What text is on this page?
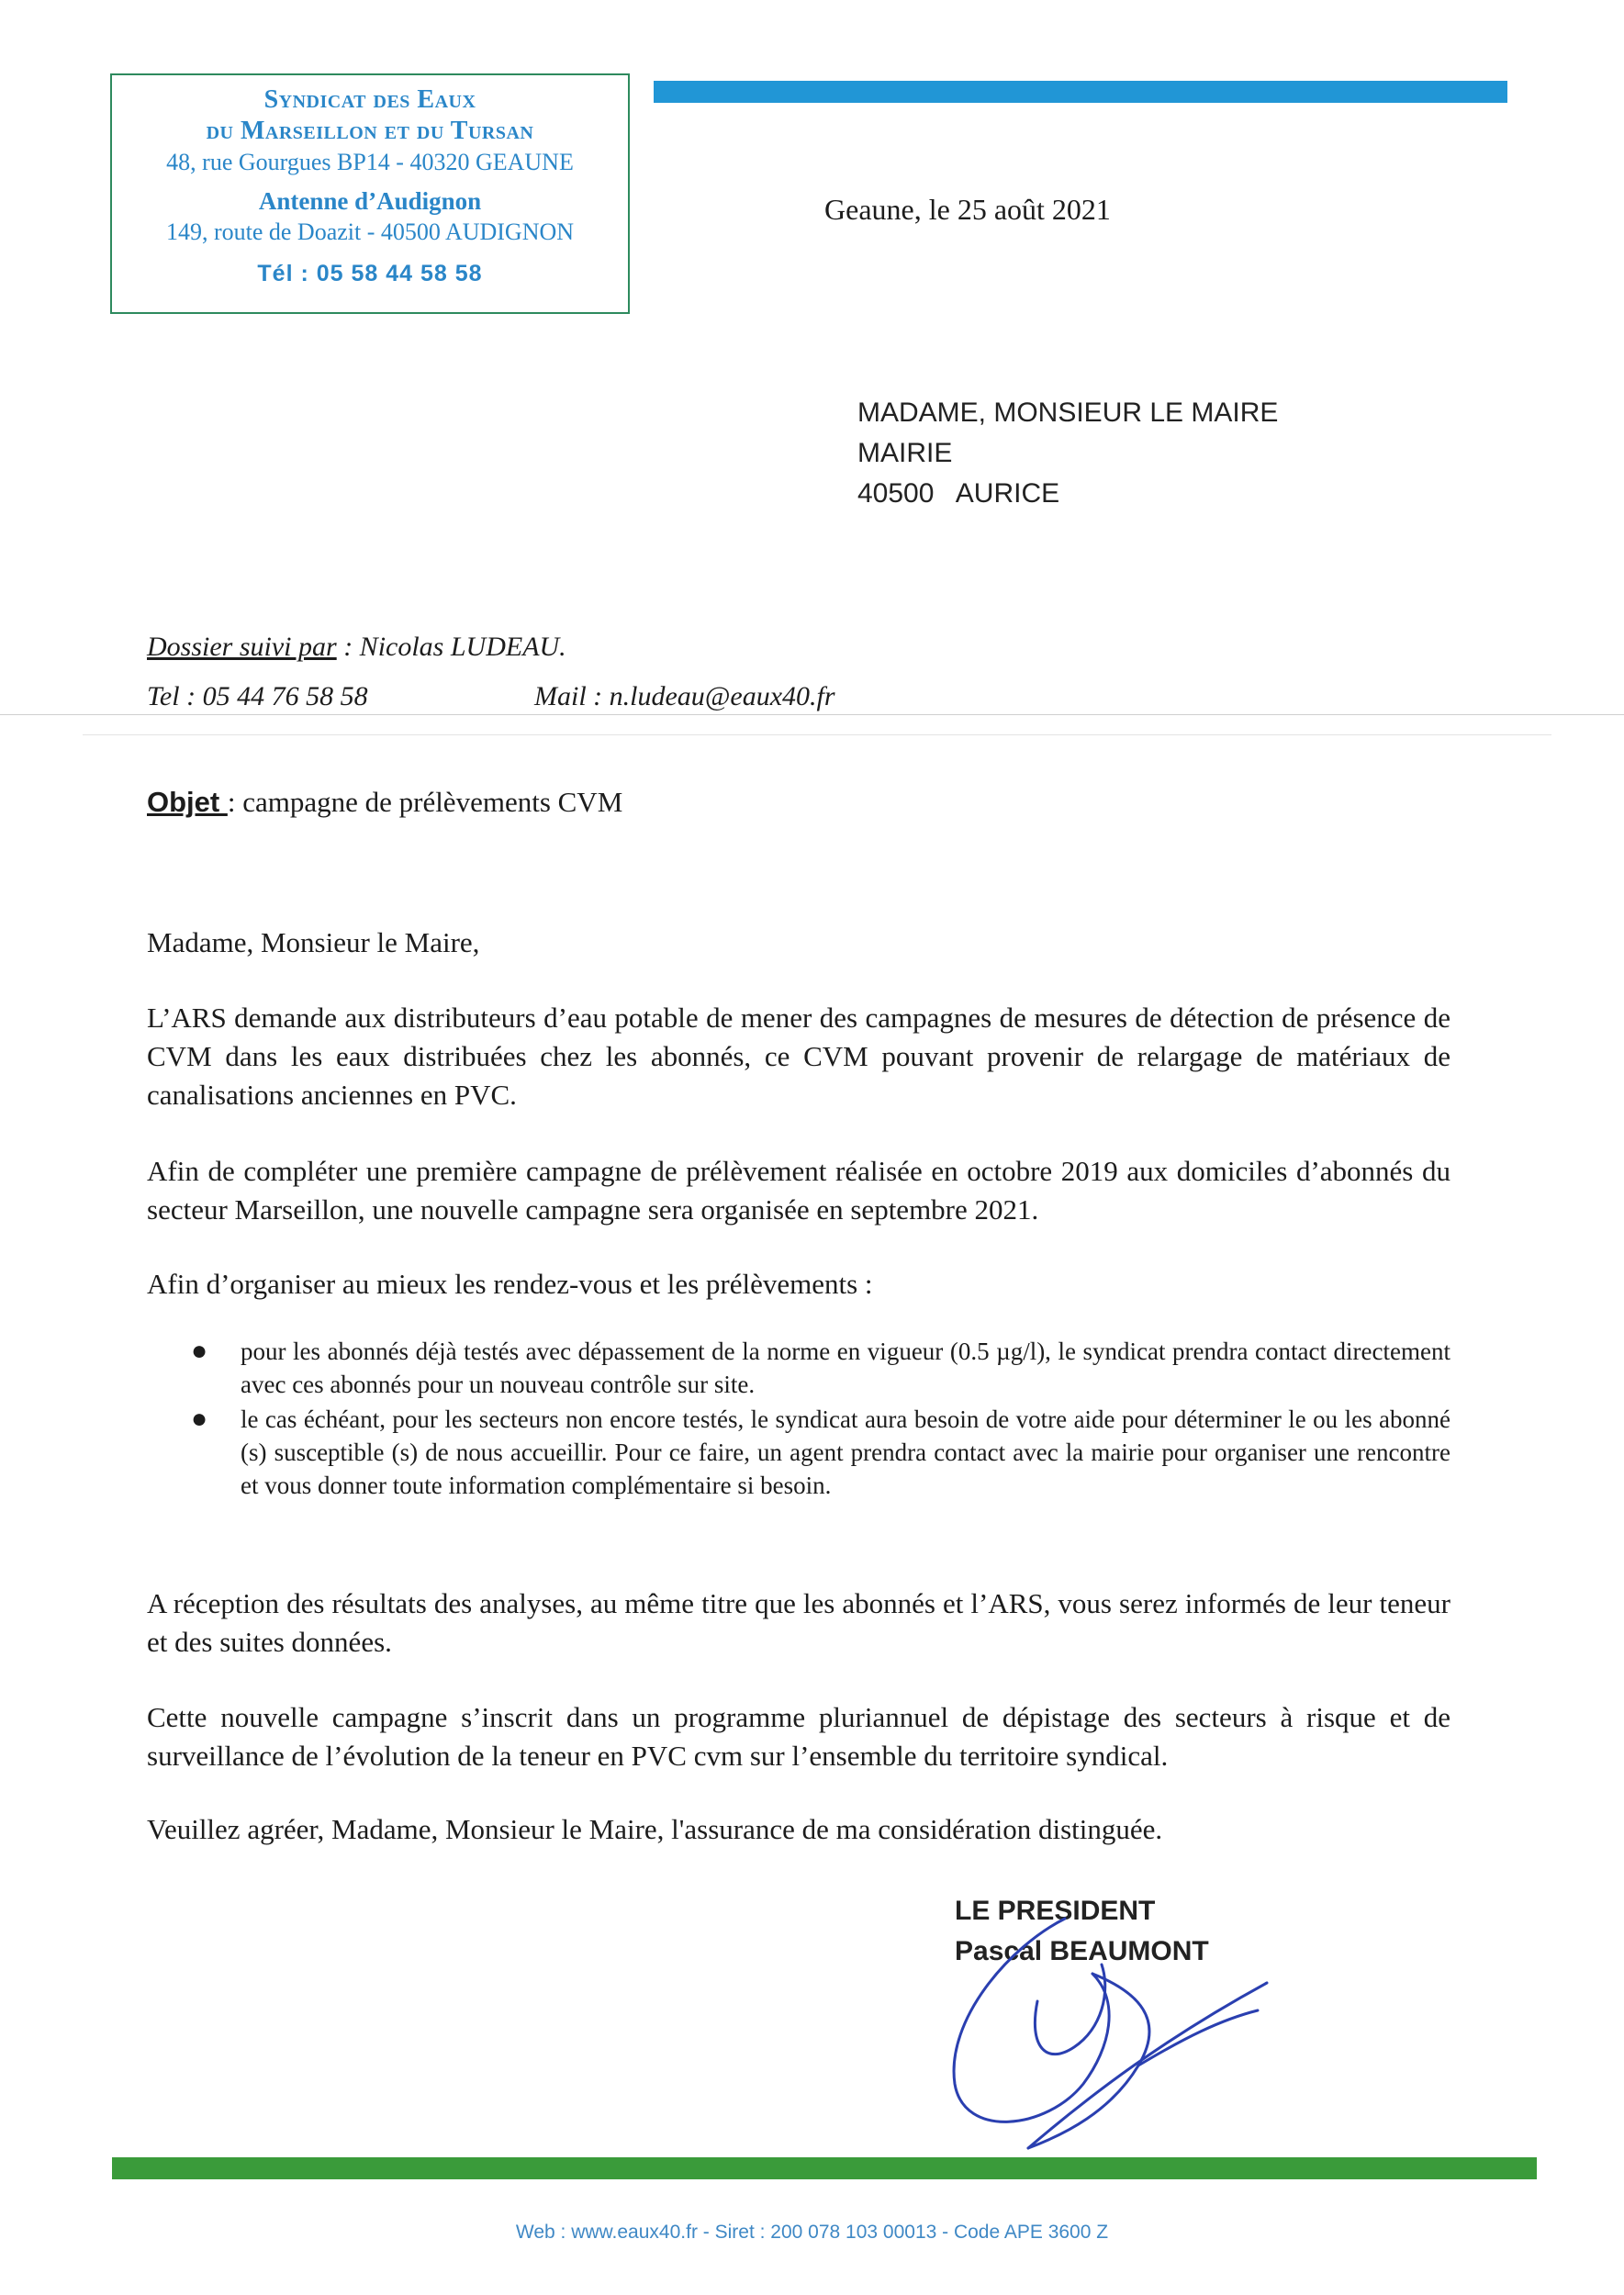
Syndicat des Eaux
du Marseillon et du Tursan
48, rue Gourgues BP14 - 40320 GEAUNE
Antenne d’Audignon
149, route de Doazit - 40500 AUDIGNON
Tél : 05 58 44 58 58
Geaune, le 25 août 2021
MADAME, MONSIEUR LE MAIRE
MAIRIE
40500   AURICE
Dossier suivi par : Nicolas LUDEAU.
Tel : 05 44 76 58 58	Mail : n.ludeau@eaux40.fr
Objet : campagne de prélèvements CVM
Madame, Monsieur le Maire,
L’ARS demande aux distributeurs d’eau potable de mener des campagnes de mesures de détection de présence de CVM dans les eaux distribuées chez les abonnés, ce CVM pouvant provenir de relargage de matériaux de canalisations anciennes en PVC.
Afin de compléter une première campagne de prélèvement réalisée en octobre 2019 aux domiciles d’abonnés du secteur Marseillon, une nouvelle campagne sera organisée en septembre 2021.
Afin d’organiser au mieux les rendez-vous et les prélèvements :
● pour les abonnés déjà testés avec dépassement de la norme en vigueur (0.5 µg/l), le syndicat prendra contact directement avec ces abonnés pour un nouveau contrôle sur site.
● le cas échéant, pour les secteurs non encore testés, le syndicat aura besoin de votre aide pour déterminer le ou les abonné (s) susceptible (s) de nous accueillir. Pour ce faire, un agent prendra contact avec la mairie pour organiser une rencontre et vous donner toute information complémentaire si besoin.
A réception des résultats des analyses, au même titre que les abonnés et l’ARS, vous serez informés de leur teneur et des suites données.
Cette nouvelle campagne s’inscrit dans un programme pluriannuel de dépistage des secteurs à risque et de surveillance de l’évolution de la teneur en PVC cvm sur l’ensemble du territoire syndical.
Veuillez agréer, Madame, Monsieur le Maire, l'assurance de ma considération distinguée.
LE PRESIDENT
Pascal BEAUMONT
Web : www.eaux40.fr - Siret : 200 078 103 00013 - Code APE 3600 Z
